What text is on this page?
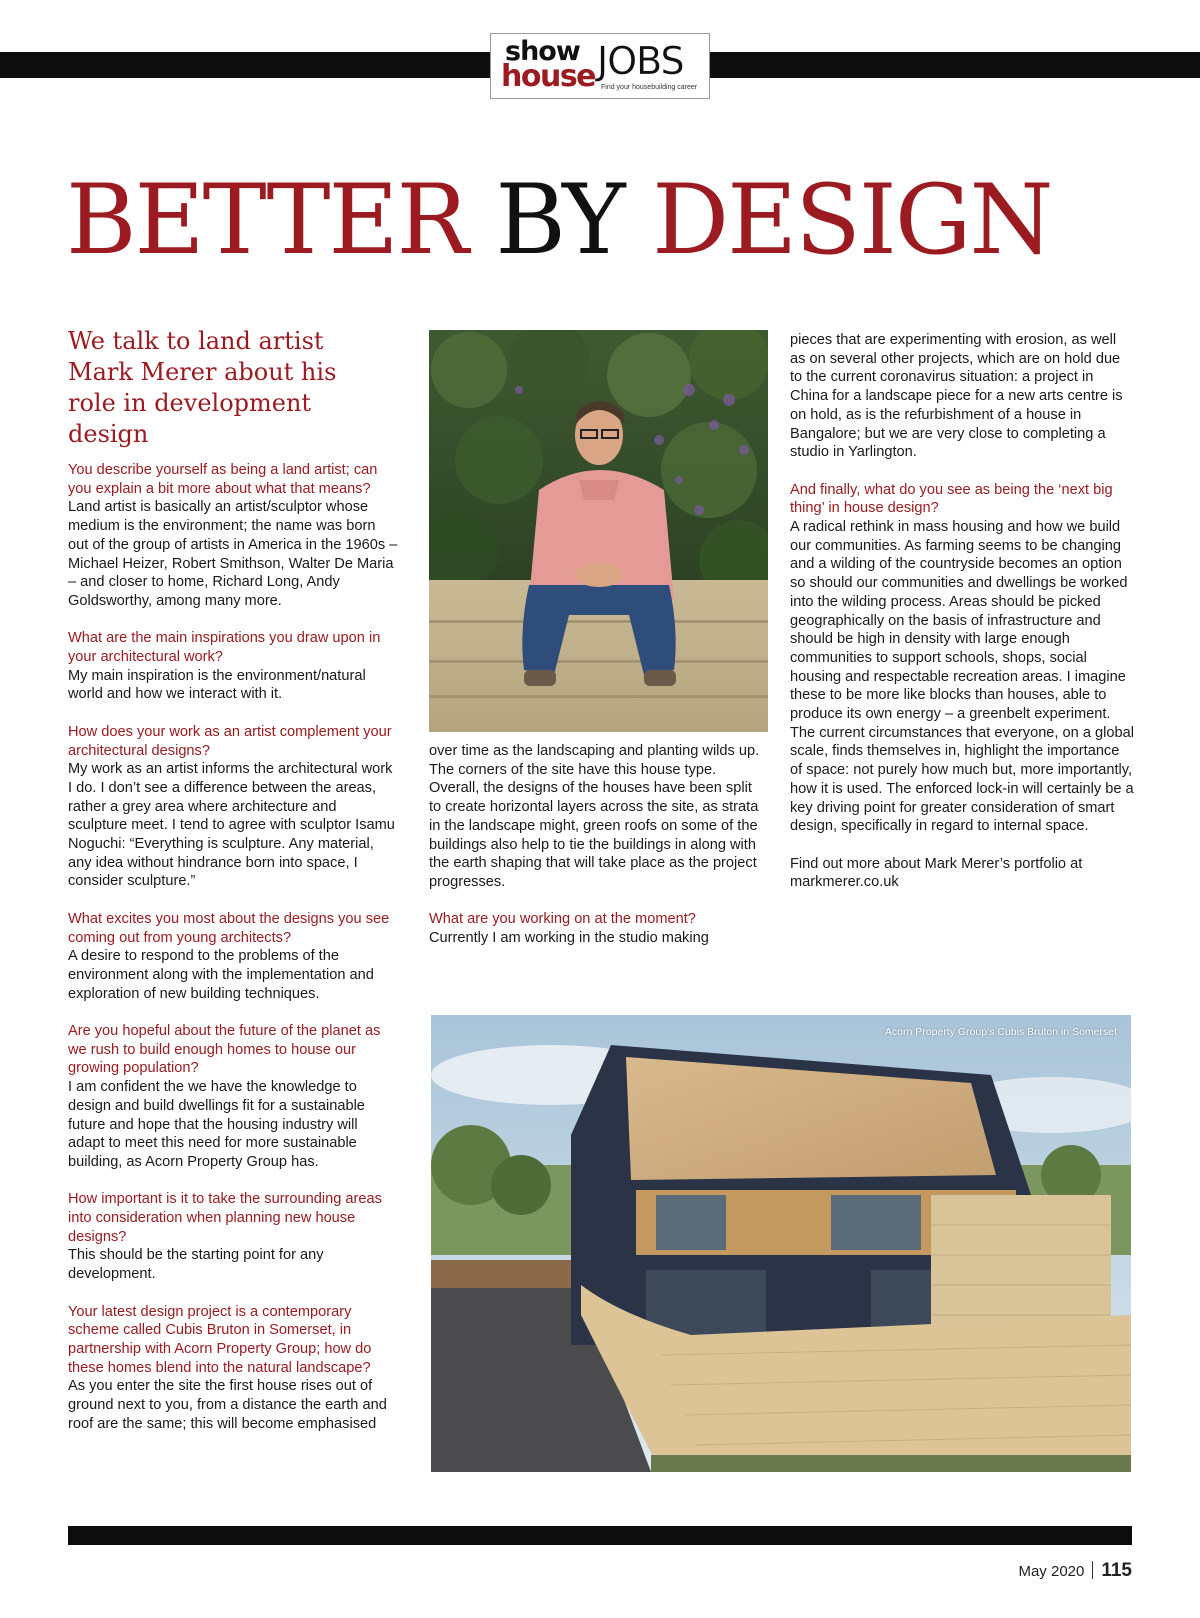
show
house JOBS
Find your housebuilding career
BETTER BY DESIGN
We talk to land artist Mark Merer about his role in development design

You describe yourself as being a land artist; can you explain a bit more about what that means?
Land artist is basically an artist/sculptor whose medium is the environment; the name was born out of the group of artists in America in the 1960s – Michael Heizer, Robert Smithson, Walter De Maria – and closer to home, Richard Long, Andy Goldsworthy, among many more.

What are the main inspirations you draw upon in your architectural work?
My main inspiration is the environment/natural world and how we interact with it.

How does your work as an artist complement your architectural designs?
My work as an artist informs the architectural work I do. I don’t see a difference between the areas, rather a grey area where architecture and sculpture meet. I tend to agree with sculptor Isamu Noguchi: “Everything is sculpture. Any material, any idea without hindrance born into space, I consider sculpture.”

What excites you most about the designs you see coming out from young architects?
A desire to respond to the problems of the environment along with the implementation and exploration of new building techniques.

Are you hopeful about the future of the planet as we rush to build enough homes to house our growing population?
I am confident the we have the knowledge to design and build dwellings fit for a sustainable future and hope that the housing industry will adapt to meet this need for more sustainable building, as Acorn Property Group has.

How important is it to take the surrounding areas into consideration when planning new house designs?
This should be the starting point for any development.

Your latest design project is a contemporary scheme called Cubis Bruton in Somerset, in partnership with Acorn Property Group; how do these homes blend into the natural landscape?
As you enter the site the first house rises out of ground next to you, from a distance the earth and roof are the same; this will become emphasised

over time as the landscaping and planting wilds up. The corners of the site have this house type. Overall, the designs of the houses have been split to create horizontal layers across the site, as strata in the landscape might, green roofs on some of the buildings also help to tie the buildings in along with the earth shaping that will take place as the project progresses.

What are you working on at the moment?
Currently I am working in the studio making

pieces that are experimenting with erosion, as well as on several other projects, which are on hold due to the current coronavirus situation: a project in China for a landscape piece for a new arts centre is on hold, as is the refurbishment of a house in Bangalore; but we are very close to completing a studio in Yarlington.

And finally, what do you see as being the ‘next big thing’ in house design?
A radical rethink in mass housing and how we build our communities. As farming seems to be changing and a wilding of the countryside becomes an option so should our communities and dwellings be worked into the wilding process. Areas should be picked geographically on the basis of infrastructure and should be high in density with large enough communities to support schools, shops, social housing and respectable recreation areas. I imagine these to be more like blocks than houses, able to produce its own energy – a greenbelt experiment.
The current circumstances that everyone, on a global scale, finds themselves in, highlight the importance of space: not purely how much but, more importantly, how it is used. The enforced lock-in will certainly be a key driving point for greater consideration of smart design, specifically in regard to internal space.

Find out more about Mark Merer’s portfolio at markmerer.co.uk

Acorn Property Group’s Cubis Bruton in Somerset
May 2020 115
